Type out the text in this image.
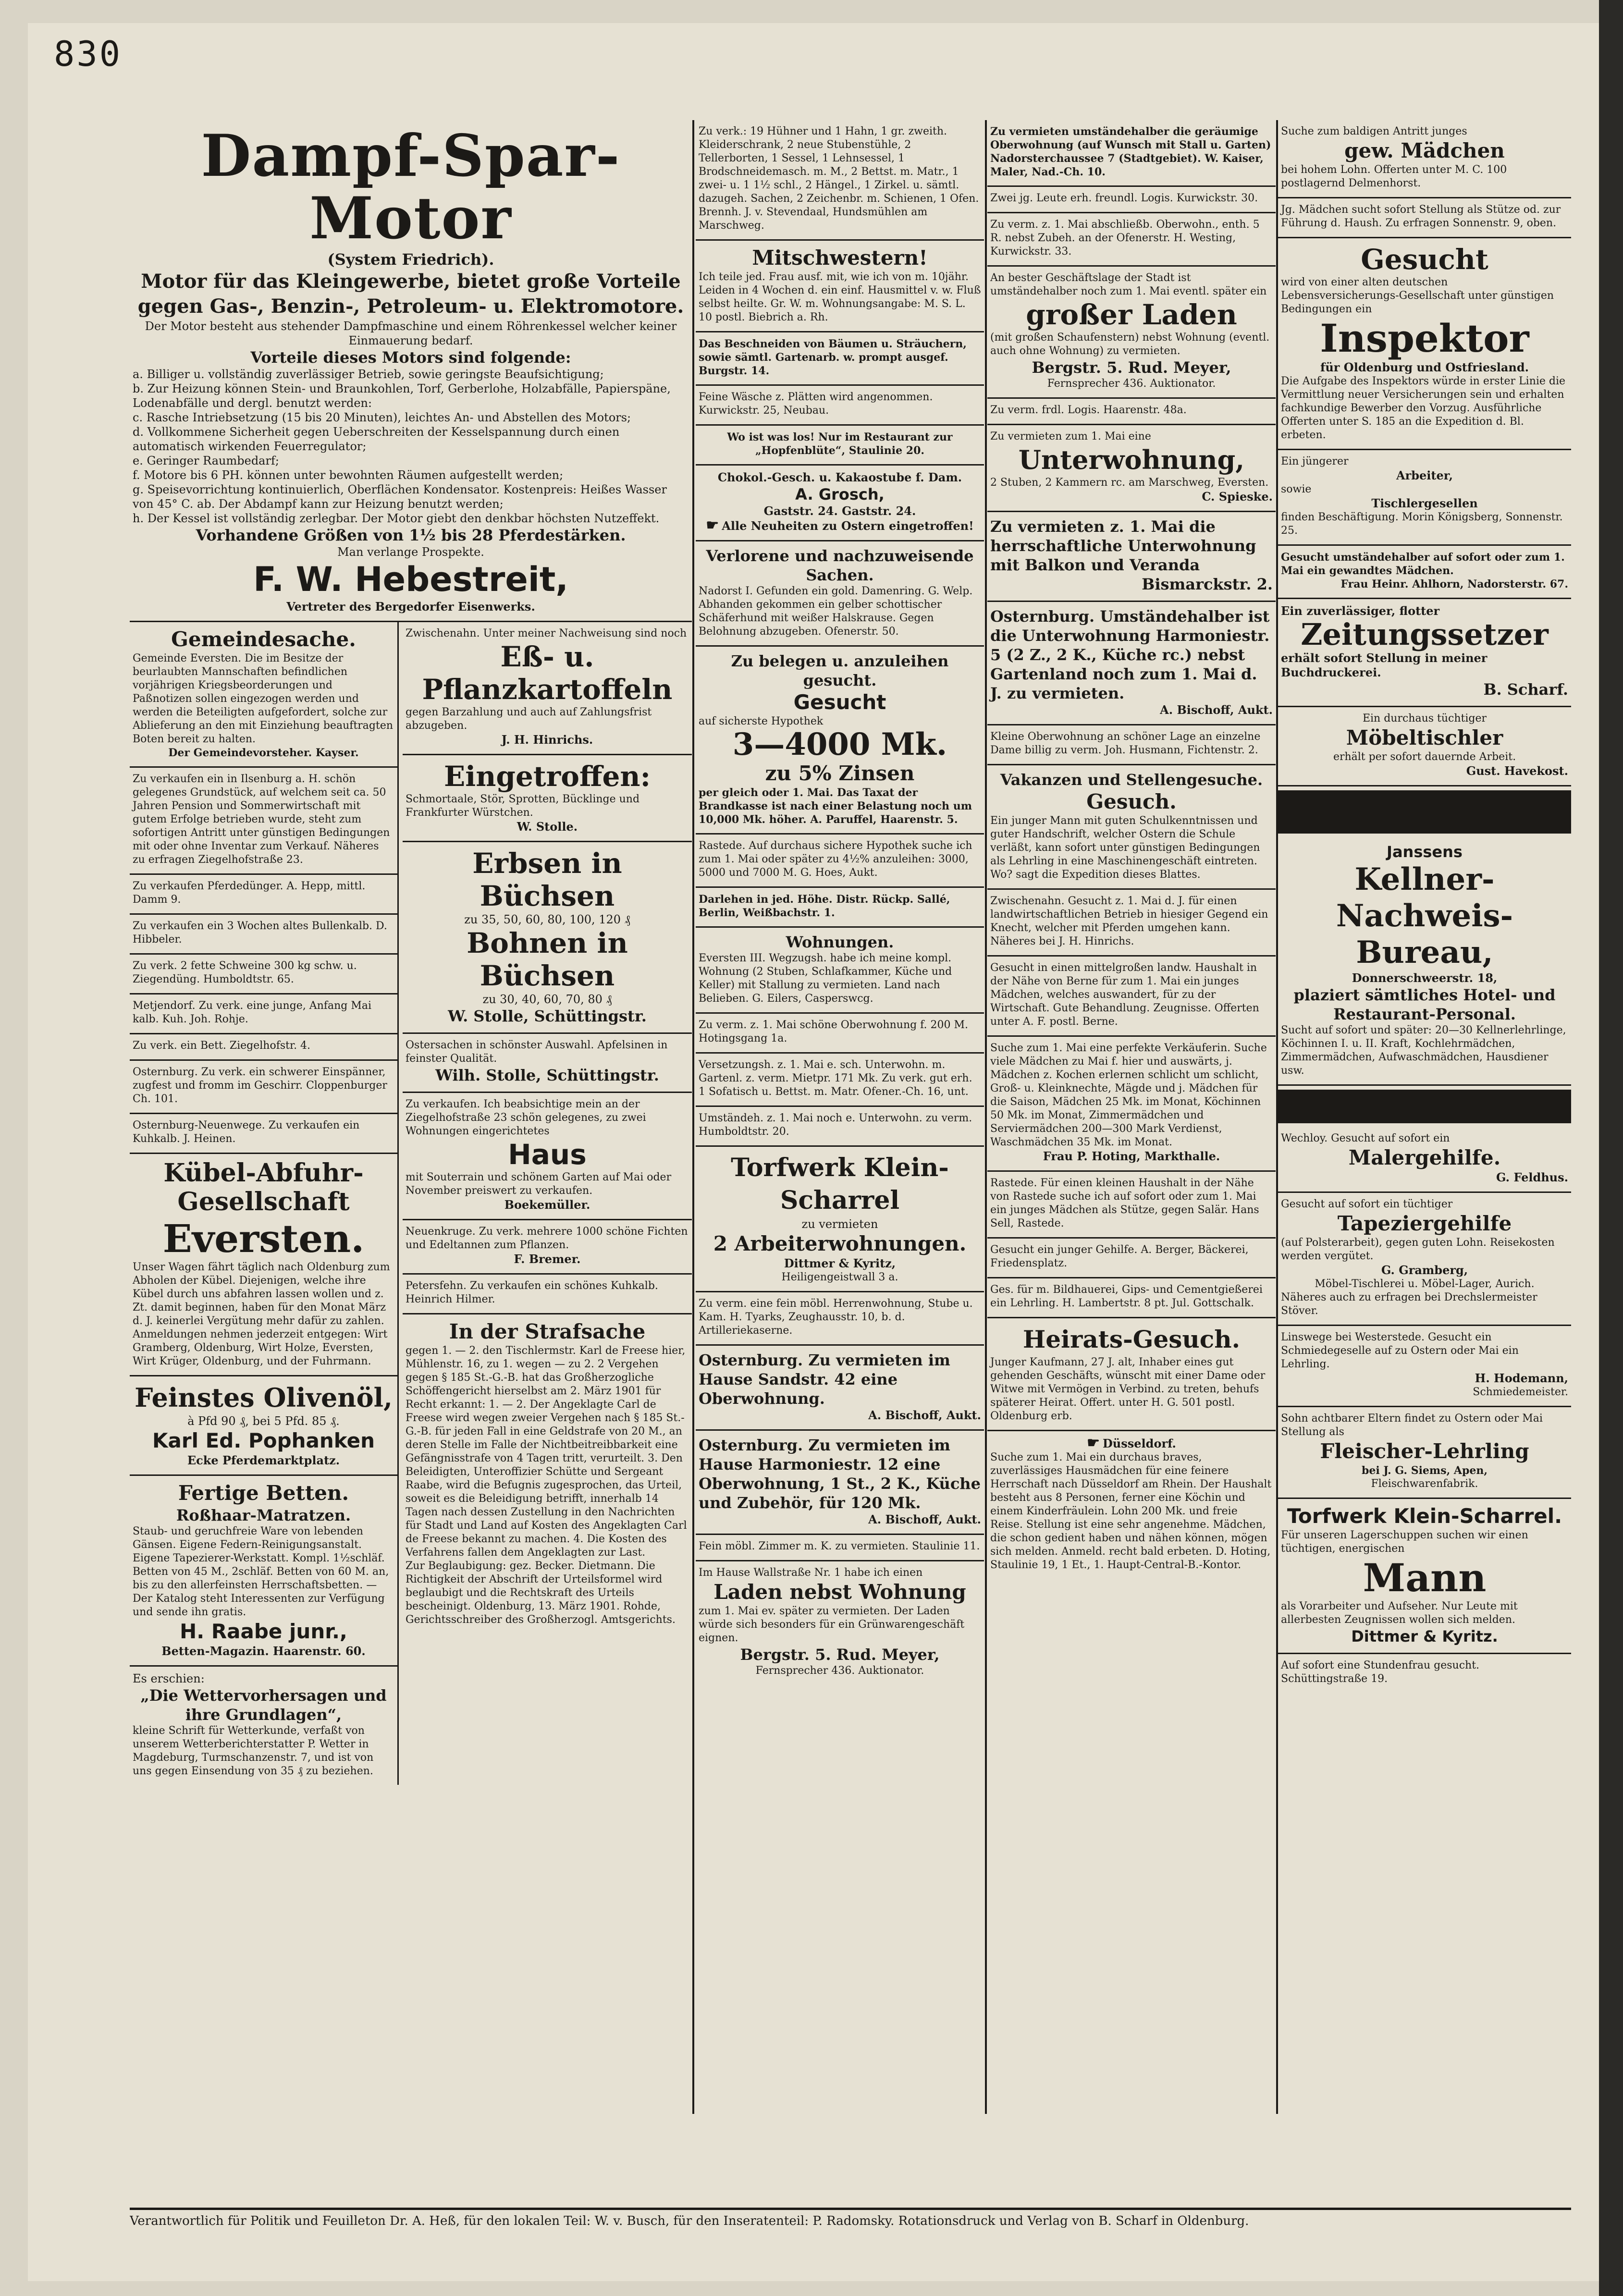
830

Dampf-Spar-Motor

(System Friedrich).

Motor für das Kleingewerbe, bietet große Vorteile gegen Gas-, Benzin-, Petroleum- u. Elektromotore.

Der Motor besteht aus stehender Dampfmaschine und einem Röhrenkessel welcher keiner Einmauerung bedarf.

Vorteile dieses Motors sind folgende:

a. Billiger u. vollständig zuverlässiger Betrieb, sowie geringste Beaufsichtigung;

b. Zur Heizung können Stein- und Braunkohlen, Torf, Gerberlohe, Holzabfälle, Papierspäne, Lodenabfälle und dergl. benutzt werden:

c. Rasche Intriebsetzung (15 bis 20 Minuten), leichtes An- und Abstellen des Motors;

d. Vollkommene Sicherheit gegen Ueberschreiten der Kesselspannung durch einen automatisch wirkenden Feuerregulator;

e. Geringer Raumbedarf;

f. Motore bis 6 PH. können unter bewohnten Räumen aufgestellt werden;

g. Speisevorrichtung kontinuierlich, Oberflächen Kondensator. Kostenpreis: Heißes Wasser von 45° C. ab. Der Abdampf kann zur Heizung benutzt werden;

h. Der Kessel ist vollständig zerlegbar. Der Motor giebt den denkbar höchsten Nutzeffekt.

Vorhandene Größen von 1½ bis 28 Pferdestärken.

Man verlange Prospekte.

F. W. Hebestreit,

Vertreter des Bergedorfer Eisenwerks.

Gemeindesache.

Gemeinde Eversten. Die im Besitze der beurlaubten Mannschaften befindlichen vorjährigen Kriegsbeorderungen und Paßnotizen sollen eingezogen werden und werden die Beteiligten aufgefordert, solche zur Ablieferung an den mit Einziehung beauftragten Boten bereit zu halten.

Der Gemeindevorsteher. Kayser.

Zu verkaufen ein in Ilsenburg a. H. schön gelegenes Grundstück, auf welchem seit ca. 50 Jahren Pension und Sommerwirtschaft mit gutem Erfolge betrieben wurde, steht zum sofortigen Antritt unter günstigen Bedingungen mit oder ohne Inventar zum Verkauf. Näheres zu erfragen Ziegelhofstraße 23.

Zu verkaufen Pferdedünger. A. Hepp, mittl. Damm 9.

Zu verkaufen ein 3 Wochen altes Bullenkalb. D. Hibbeler.

Zu verk. 2 fette Schweine 300 kg schw. u. Ziegendüng. Humboldtstr. 65.

Metjendorf. Zu verk. eine junge, Anfang Mai kalb. Kuh. Joh. Rohje.

Zu verk. ein Bett. Ziegelhofstr. 4.

Osternburg. Zu verk. ein schwerer Einspänner, zugfest und fromm im Geschirr. Cloppenburger Ch. 101.

Osternburg-Neuenwege. Zu verkaufen ein Kuhkalb. J. Heinen.

Kübel-Abfuhr-Gesellschaft

Eversten.

Unser Wagen fährt täglich nach Oldenburg zum Abholen der Kübel. Diejenigen, welche ihre Kübel durch uns abfahren lassen wollen und z. Zt. damit beginnen, haben für den Monat März d. J. keinerlei Vergütung mehr dafür zu zahlen. Anmeldungen nehmen jederzeit entgegen: Wirt Gramberg, Oldenburg, Wirt Holze, Eversten, Wirt Krüger, Oldenburg, und der Fuhrmann.

Feinstes Olivenöl,

à Pfd 90 ₰, bei 5 Pfd. 85 ₰.

Karl Ed. Pophanken

Ecke Pferdemarktplatz.

Fertige Betten.

Roßhaar-Matratzen.

Staub- und geruchfreie Ware von lebenden Gänsen. Eigene Federn-Reinigungsanstalt. Eigene Tapezierer-Werkstatt. Kompl. 1½schläf. Betten von 45 M., 2schläf. Betten von 60 M. an, bis zu den allerfeinsten Herrschaftsbetten. — Der Katalog steht Interessenten zur Verfügung und sende ihn gratis.

H. Raabe junr.,

Betten-Magazin. Haarenstr. 60.

Es erschien:

„Die Wettervorhersagen und ihre Grundlagen“,

kleine Schrift für Wetterkunde, verfaßt von unserem Wetterberichterstatter P. Wetter in Magdeburg, Turmschanzenstr. 7, und ist von uns gegen Einsendung von 35 ₰ zu beziehen.

Zwischenahn. Unter meiner Nachweisung sind noch

Eß- u. Pflanzkartoffeln

gegen Barzahlung und auch auf Zahlungsfrist abzugeben.

J. H. Hinrichs.

Eingetroffen:

Schmortaale, Stör, Sprotten, Bücklinge und Frankfurter Würstchen.

W. Stolle.

Erbsen in Büchsen

zu 35, 50, 60, 80, 100, 120 ₰

Bohnen in Büchsen

zu 30, 40, 60, 70, 80 ₰

W. Stolle, Schüttingstr.

Ostersachen in schönster Auswahl. Apfelsinen in feinster Qualität.

Wilh. Stolle, Schüttingstr.

Zu verkaufen. Ich beabsichtige mein an der Ziegelhofstraße 23 schön gelegenes, zu zwei Wohnungen eingerichtetes

Haus

mit Souterrain und schönem Garten auf Mai oder November preiswert zu verkaufen.

Boekemüller.

Neuenkruge. Zu verk. mehrere 1000 schöne Fichten und Edeltannen zum Pflanzen.

F. Bremer.

Petersfehn. Zu verkaufen ein schönes Kuhkalb. Heinrich Hilmer.

In der Strafsache

gegen 1. — 2. den Tischlermstr. Karl de Freese hier, Mühlenstr. 16, zu 1. wegen — zu 2. 2 Vergehen gegen § 185 St.-G.-B. hat das Großherzogliche Schöffengericht hierselbst am 2. März 1901 für Recht erkannt: 1. — 2. Der Angeklagte Carl de Freese wird wegen zweier Vergehen nach § 185 St.-G.-B. für jeden Fall in eine Geldstrafe von 20 M., an deren Stelle im Falle der Nichtbeitreibbarkeit eine Gefängnisstrafe von 4 Tagen tritt, verurteilt. 3. Den Beleidigten, Unteroffizier Schütte und Sergeant Raabe, wird die Befugnis zugesprochen, das Urteil, soweit es die Beleidigung betrifft, innerhalb 14 Tagen nach dessen Zustellung in den Nachrichten für Stadt und Land auf Kosten des Angeklagten Carl de Freese bekannt zu machen. 4. Die Kosten des Verfahrens fallen dem Angeklagten zur Last.

Zur Beglaubigung: gez. Becker. Dietmann. Die Richtigkeit der Abschrift der Urteilsformel wird beglaubigt und die Rechtskraft des Urteils bescheinigt. Oldenburg, 13. März 1901. Rohde, Gerichtsschreiber des Großherzogl. Amtsgerichts.

Zu verk.: 19 Hühner und 1 Hahn, 1 gr. zweith. Kleiderschrank, 2 neue Stubenstühle, 2 Tellerborten, 1 Sessel, 1 Lehnsessel, 1 Brodschneidemasch. m. M., 2 Bettst. m. Matr., 1 zwei- u. 1 1½ schl., 2 Hängel., 1 Zirkel. u. sämtl. dazugeh. Sachen, 2 Zeichenbr. m. Schienen, 1 Ofen. Brennh. J. v. Stevendaal, Hundsmühlen am Marschweg.

Mitschwestern!

Ich teile jed. Frau ausf. mit, wie ich von m. 10jähr. Leiden in 4 Wochen d. ein einf. Hausmittel v. w. Fluß selbst heilte. Gr. W. m. Wohnungsangabe: M. S. L. 10 postl. Biebrich a. Rh.

Das Beschneiden von Bäumen u. Sträuchern, sowie sämtl. Gartenarb. w. prompt ausgef. Burgstr. 14.

Feine Wäsche z. Plätten wird angenommen. Kurwickstr. 25, Neubau.

Wo ist was los! Nur im Restaurant zur „Hopfenblüte“, Staulinie 20.

Chokol.-Gesch. u. Kakaostube f. Dam.

A. Grosch,

Gaststr. 24. Gaststr. 24.

☛ Alle Neuheiten zu Ostern eingetroffen!

Verlorene und nachzuweisende Sachen.

Nadorst I. Gefunden ein gold. Damenring. G. Welp.

Abhanden gekommen ein gelber schottischer Schäferhund mit weißer Halskrause. Gegen Belohnung abzugeben. Ofenerstr. 50.

Zu belegen u. anzuleihen gesucht.

Gesucht

auf sicherste Hypothek

3—4000 Mk.

zu 5% Zinsen

per gleich oder 1. Mai. Das Taxat der Brandkasse ist nach einer Belastung noch um 10,000 Mk. höher. A. Paruffel, Haarenstr. 5.

Rastede. Auf durchaus sichere Hypothek suche ich zum 1. Mai oder später zu 4½% anzuleihen: 3000, 5000 und 7000 M. G. Hoes, Aukt.

Darlehen in jed. Höhe. Distr. Rückp. Sallé, Berlin, Weißbachstr. 1.

Wohnungen.

Eversten III. Wegzugsh. habe ich meine kompl. Wohnung (2 Stuben, Schlafkammer, Küche und Keller) mit Stallung zu vermieten. Land nach Belieben. G. Eilers, Casperswcg.

Zu verm. z. 1. Mai schöne Oberwohnung f. 200 M. Hotingsgang 1a.

Versetzungsh. z. 1. Mai e. sch. Unterwohn. m. Gartenl. z. verm. Mietpr. 171 Mk. Zu verk. gut erh. 1 Sofatisch u. Bettst. m. Matr. Ofener.-Ch. 16, unt.

Umständeh. z. 1. Mai noch e. Unterwohn. zu verm. Humboldtstr. 20.

Torfwerk Klein-Scharrel

zu vermieten

2 Arbeiterwohnungen.

Dittmer & Kyritz,

Heiligengeistwall 3 a.

Zu verm. eine fein möbl. Herrenwohnung, Stube u. Kam. H. Tyarks, Zeughausstr. 10, b. d. Artilleriekaserne.

Osternburg. Zu vermieten im Hause Sandstr. 42 eine Oberwohnung.

A. Bischoff, Aukt.

Osternburg. Zu vermieten im Hause Harmoniestr. 12 eine Oberwohnung, 1 St., 2 K., Küche und Zubehör, für 120 Mk.

A. Bischoff, Aukt.

Fein möbl. Zimmer m. K. zu vermieten. Staulinie 11.

Im Hause Wallstraße Nr. 1 habe ich einen

Laden nebst Wohnung

zum 1. Mai ev. später zu vermieten. Der Laden würde sich besonders für ein Grünwarengeschäft eignen.

Bergstr. 5. Rud. Meyer,

Fernsprecher 436. Auktionator.

Zu vermieten umständehalber die geräumige Oberwohnung (auf Wunsch mit Stall u. Garten) Nadorsterchaussee 7 (Stadtgebiet). W. Kaiser, Maler, Nad.-Ch. 10.

Zwei jg. Leute erh. freundl. Logis. Kurwickstr. 30.

Zu verm. z. 1. Mai abschließb. Oberwohn., enth. 5 R. nebst Zubeh. an der Ofenerstr. H. Westing, Kurwickstr. 33.

An bester Geschäftslage der Stadt ist umständehalber noch zum 1. Mai eventl. später ein

großer Laden

(mit großen Schaufenstern) nebst Wohnung (eventl. auch ohne Wohnung) zu vermieten.

Bergstr. 5. Rud. Meyer,

Fernsprecher 436. Auktionator.

Zu verm. frdl. Logis. Haarenstr. 48a.

Zu vermieten zum 1. Mai eine

Unterwohnung,

2 Stuben, 2 Kammern rc. am Marschweg, Eversten.

C. Spieske.

Zu vermieten z. 1. Mai die herrschaftliche Unterwohnung mit Balkon und Veranda

Bismarckstr. 2.

Osternburg. Umständehalber ist die Unterwohnung Harmoniestr. 5 (2 Z., 2 K., Küche rc.) nebst Gartenland noch zum 1. Mai d. J. zu vermieten.

A. Bischoff, Aukt.

Kleine Oberwohnung an schöner Lage an einzelne Dame billig zu verm. Joh. Husmann, Fichtenstr. 2.

Vakanzen und Stellengesuche.

Gesuch.

Ein junger Mann mit guten Schulkenntnissen und guter Handschrift, welcher Ostern die Schule verläßt, kann sofort unter günstigen Bedingungen als Lehrling in eine Maschinengeschäft eintreten. Wo? sagt die Expedition dieses Blattes.

Zwischenahn. Gesucht z. 1. Mai d. J. für einen landwirtschaftlichen Betrieb in hiesiger Gegend ein Knecht, welcher mit Pferden umgehen kann. Näheres bei J. H. Hinrichs.

Gesucht in einen mittelgroßen landw. Haushalt in der Nähe von Berne für zum 1. Mai ein junges Mädchen, welches auswandert, für zu der Wirtschaft. Gute Behandlung. Zeugnisse. Offerten unter A. F. postl. Berne.

Suche zum 1. Mai eine perfekte Verkäuferin. Suche viele Mädchen zu Mai f. hier und auswärts, j. Mädchen z. Kochen erlernen schlicht um schlicht, Groß- u. Kleinknechte, Mägde und j. Mädchen für die Saison, Mädchen 25 Mk. im Monat, Köchinnen 50 Mk. im Monat, Zimmermädchen und Serviermädchen 200—300 Mark Verdienst, Waschmädchen 35 Mk. im Monat.

Frau P. Hoting, Markthalle.

Rastede. Für einen kleinen Haushalt in der Nähe von Rastede suche ich auf sofort oder zum 1. Mai ein junges Mädchen als Stütze, gegen Salär. Hans Sell, Rastede.

Gesucht ein junger Gehilfe. A. Berger, Bäckerei, Friedensplatz.

Ges. für m. Bildhauerei, Gips- und Cementgießerei ein Lehrling. H. Lambertstr. 8 pt. Jul. Gottschalk.

Heirats-Gesuch.

Junger Kaufmann, 27 J. alt, Inhaber eines gut gehenden Geschäfts, wünscht mit einer Dame oder Witwe mit Vermögen in Verbind. zu treten, behufs späterer Heirat. Offert. unter H. G. 501 postl. Oldenburg erb.

☛ Düsseldorf.

Suche zum 1. Mai ein durchaus braves, zuverlässiges Hausmädchen für eine feinere Herrschaft nach Düsseldorf am Rhein. Der Haushalt besteht aus 8 Personen, ferner eine Köchin und einem Kinderfräulein. Lohn 200 Mk. und freie Reise. Stellung ist eine sehr angenehme. Mädchen, die schon gedient haben und nähen können, mögen sich melden. Anmeld. recht bald erbeten. D. Hoting, Staulinie 19, 1 Et., 1. Haupt-Central-B.-Kontor.

Suche zum baldigen Antritt junges

gew. Mädchen

bei hohem Lohn. Offerten unter M. C. 100 postlagernd Delmenhorst.

Jg. Mädchen sucht sofort Stellung als Stütze od. zur Führung d. Haush. Zu erfragen Sonnenstr. 9, oben.

Gesucht

wird von einer alten deutschen Lebensversicherungs-Gesellschaft unter günstigen Bedingungen ein

Inspektor

für Oldenburg und Ostfriesland.

Die Aufgabe des Inspektors würde in erster Linie die Vermittlung neuer Versicherungen sein und erhalten fachkundige Bewerber den Vorzug. Ausführliche Offerten unter S. 185 an die Expedition d. Bl. erbeten.

Ein jüngerer

Arbeiter,

sowie

Tischlergesellen

finden Beschäftigung. Morin Königsberg, Sonnenstr. 25.

Gesucht umständehalber auf sofort oder zum 1. Mai ein gewandtes Mädchen.

Frau Heinr. Ahlhorn, Nadorsterstr. 67.

Ein zuverlässiger, flotter

Zeitungssetzer

erhält sofort Stellung in meiner Buchdruckerei.

B. Scharf.

Ein durchaus tüchtiger

Möbeltischler

erhält per sofort dauernde Arbeit.

Gust. Havekost.

Janssens

Kellner-Nachweis-Bureau,

Donnerschweerstr. 18,

plaziert sämtliches Hotel- und Restaurant-Personal.

Sucht auf sofort und später: 20—30 Kellnerlehrlinge, Köchinnen I. u. II. Kraft, Kochlehrmädchen, Zimmermädchen, Aufwaschmädchen, Hausdiener usw.

Wechloy. Gesucht auf sofort ein

Malergehilfe.

G. Feldhus.

Gesucht auf sofort ein tüchtiger

Tapeziergehilfe

(auf Polsterarbeit), gegen guten Lohn. Reisekosten werden vergütet.

G. Gramberg,

Möbel-Tischlerei u. Möbel-Lager, Aurich.

Näheres auch zu erfragen bei Drechslermeister Stöver.

Linswege bei Westerstede. Gesucht ein Schmiedegeselle auf zu Ostern oder Mai ein Lehrling.

H. Hodemann,

Schmiedemeister.

Sohn achtbarer Eltern findet zu Ostern oder Mai Stellung als

Fleischer-Lehrling

bei J. G. Siems, Apen,

Fleischwarenfabrik.

Torfwerk Klein-Scharrel.

Für unseren Lagerschuppen suchen wir einen tüchtigen, energischen

Mann

als Vorarbeiter und Aufseher. Nur Leute mit allerbesten Zeugnissen wollen sich melden.

Dittmer & Kyritz.

Auf sofort eine Stundenfrau gesucht. Schüttingstraße 19.

Verantwortlich für Politik und Feuilleton Dr. A. Heß, für den lokalen Teil: W. v. Busch, für den Inseratenteil: P. Radomsky. Rotationsdruck und Verlag von B. Scharf in Oldenburg.
